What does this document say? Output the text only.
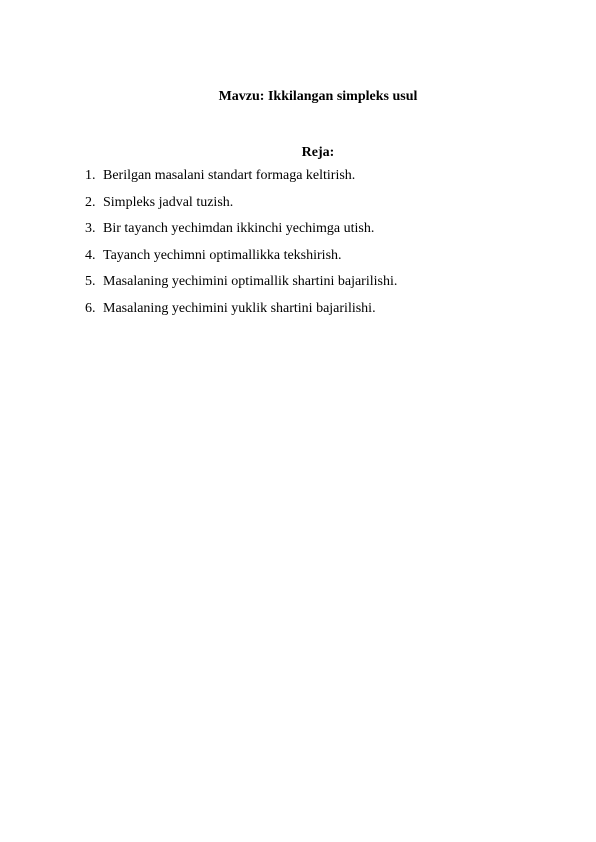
Mavzu: Ikkilangan simpleks usul
Reja:
1. Berilgan masalani standart formaga keltirish.
2. Simpleks jadval tuzish.
3. Bir tayanch yechimdan ikkinchi yechimga utish.
4. Tayanch yechimni optimallikka tekshirish.
5. Masalaning yechimini optimallik shartini bajarilishi.
6. Masalaning yechimini yuklik shartini bajarilishi.
